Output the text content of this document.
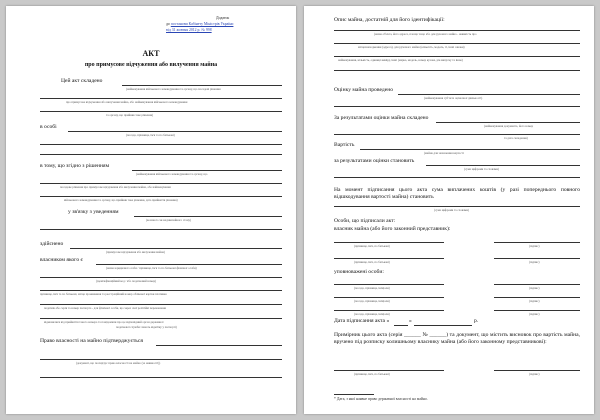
Додаток
до постанови Кабінету Міністрів України
від 31 жовтня 2012 р. № 998
АКТ
про примусове відчуження або вилучення майна
Цей акт складено
(найменування військового командування та органу, що посадові рішення
про примусове відчуження або вилучення майна, або найменування військового командування
та органу, що прийняв таке рішення)
в особі
(посада, прізвище, ім'я та по батькові)
в тому, що згідно з рішенням
(найменування військового командування та органу, що
посадове рішення про примусове відчуження або вилучення майна, або найменування
військового командування та органу, що прийняв таке рішення, дата прийняття рішення)
у зв'язку з уведенням
(воєнного чи надзвичайного стану)
здійснено
(примусове відчуження або вилучення майна)
власником якого є
(назва юридичної особи / прізвище, ім'я та по батькові фізичної особи)
(ідентифікаційний код / або податковий номер)
прізвище, ім'я та по батькові, місце проживання та реєстраційний номер облікової картки платника
податків або серія та номер паспорта - для фізичної особи, що через свої релігійні переконання
відмовилися від прийняття такого номера та повідомили про це відповідний орган державної
податкової служби і мають відмітку у паспорті)
Право власності на майно підтверджується
(документ, що посвідчує право власності на майно (за наявності))
Опис майна, достатній для його ідентифікації:
(назва об'єкта, його адреса, площа тощо або для рухомого майна - наявність про
місцезнаходження (адреса), для рухомого майна (кількість, модель, ті, інші ознаки)
найменування, кількість, одиниці виміру, інші (марка, модель, номер кузова, рік випуску та інше)
Оцінку майна проведено
(найменування суб'єкта оціночної діяльності)
За результатами оцінки майна складено
(найменування документа, його номер
та дата складення)
Вартість
(майна для зазначення вартості
за результатами оцінки становить
(сума цифрами та словами)
На момент підписання цього акта сума виплачених коштів (у разі попереднього повного відшкодування вартості майна) становить
(сума цифрами та словами)
Особи, що підписали акт:
власник майна (або його законний представник):
(прізвище, ім'я, по батькові)	(підпис)
(прізвище, ім'я, по батькові)	(підпис)
уповноважені особи:
(посада, прізвище, ініціали)	(підпис)
(посада, прізвище, ініціали)	(підпис)
(посада, прізвище, ініціали)	(підпис)
Дата підписання акта «	»	р.
Примірник цього акта (серія ______ № ______) та документ, що містить висновок про вартість майна, вручено під розписку колишньому власнику майна (або його законному представникові):
(прізвище, ім'я, по батькові)	(підпис)
* Дата, з якої наявне право державної власності на майно.
